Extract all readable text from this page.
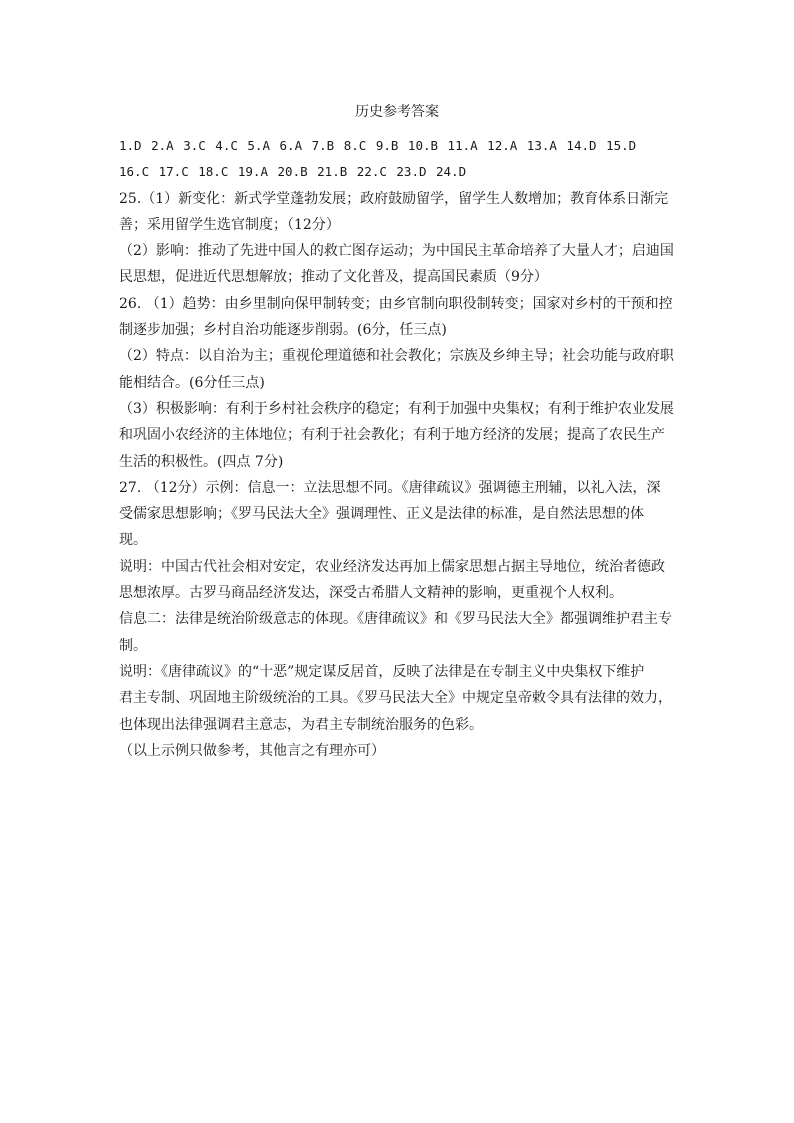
历史参考答案
1.D 2.A 3.C 4.C 5.A 6.A 7.B 8.C 9.B 10.B 11.A 12.A 13.A 14.D 15.D
16.C 17.C 18.C 19.A 20.B 21.B 22.C 23.D 24.D
25.（1）新变化：新式学堂蓬勃发展；政府鼓励留学，留学生人数增加；教育体系日渐完
善；采用留学生选官制度；（12分）
（2）影响：推动了先进中国人的救亡图存运动；为中国民主革命培养了大量人才；启迪国
民思想，促进近代思想解放；推动了文化普及，提高国民素质（9分）
26. （1）趋势：由乡里制向保甲制转变；由乡官制向职役制转变；国家对乡村的干预和控
制逐步加强；乡村自治功能逐步削弱。(6分，任三点)
（2）特点：以自治为主；重视伦理道德和社会教化；宗族及乡绅主导；社会功能与政府职
能相结合。(6分任三点)
（3）积极影响：有利于乡村社会秩序的稳定；有利于加强中央集权；有利于维护农业发展
和巩固小农经济的主体地位；有利于社会教化；有利于地方经济的发展；提高了农民生产
生活的积极性。(四点 7分)
27. （12分）示例：信息一：立法思想不同。《唐律疏议》强调德主刑辅，以礼入法，深
受儒家思想影响；《罗马民法大全》强调理性、正义是法律的标准，是自然法思想的体
现。
说明：中国古代社会相对安定，农业经济发达再加上儒家思想占据主导地位，统治者德政
思想浓厚。古罗马商品经济发达，深受古希腊人文精神的影响，更重视个人权利。
信息二：法律是统治阶级意志的体现。《唐律疏议》和《罗马民法大全》都强调维护君主专
制。
说明：《唐律疏议》的“十恶”规定谋反居首，反映了法律是在专制主义中央集权下维护
君主专制、巩固地主阶级统治的工具。《罗马民法大全》中规定皇帝敕令具有法律的效力，
也体现出法律强调君主意志，为君主专制统治服务的色彩。
（以上示例只做参考，其他言之有理亦可）
